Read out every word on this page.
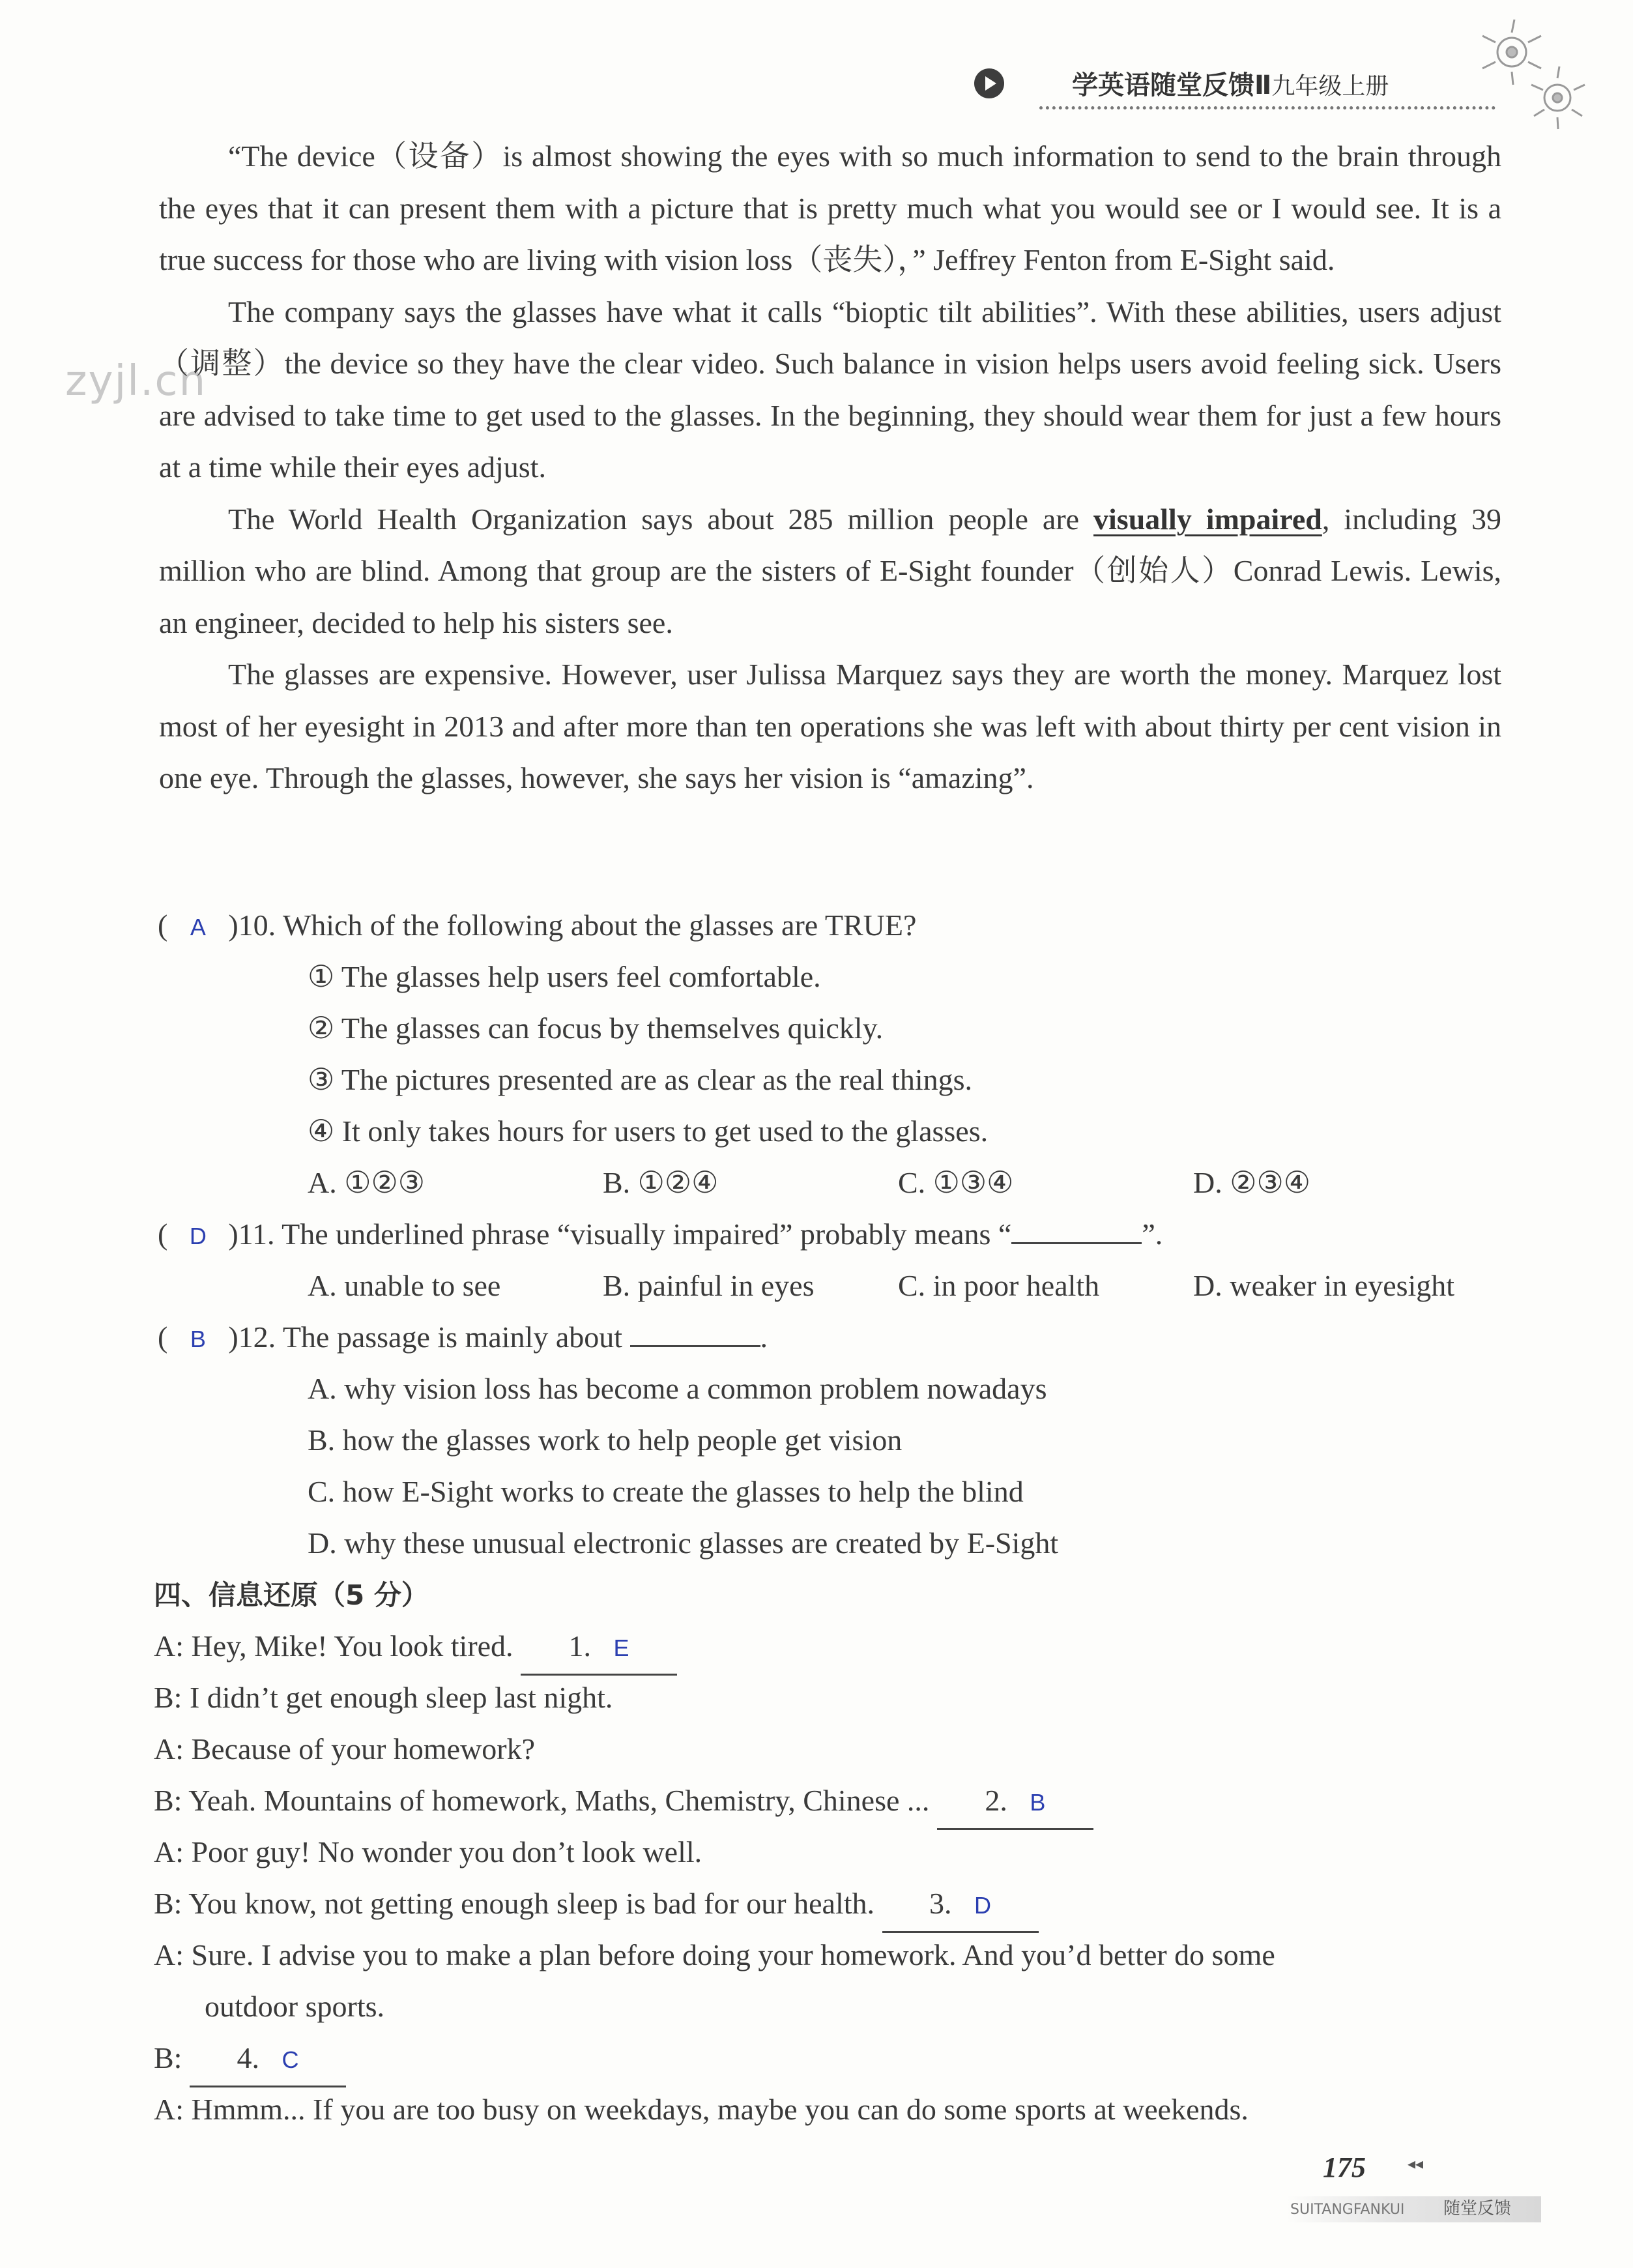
学英语随堂反馈Ⅱ九年级上册
zyjl.cn

“The device（设备）is almost showing the eyes with so much information to send to the brain through the eyes that it can present them with a picture that is pretty much what you would see or I would see. It is a true success for those who are living with vision loss（丧失），” Jeffrey Fenton from E-Sight said.

The company says the glasses have what it calls “bioptic tilt abilities”. With these abilities, users adjust（调整）the device so they have the clear video. Such balance in vision helps users avoid feeling sick. Users are advised to take time to get used to the glasses. In the beginning, they should wear them for just a few hours at a time while their eyes adjust.

The World Health Organization says about 285 million people are visually impaired, including 39 million who are blind. Among that group are the sisters of E-Sight founder（创始人）Conrad Lewis. Lewis, an engineer, decided to help his sisters see.

The glasses are expensive. However, user Julissa Marquez says they are worth the money. Marquez lost most of her eyesight in 2013 and after more than ten operations she was left with about thirty per cent vision in one eye. Through the glasses, however, she says her vision is “amazing”.

( A )10. Which of the following about the glasses are TRUE?
① The glasses help users feel comfortable.
② The glasses can focus by themselves quickly.
③ The pictures presented are as clear as the real things.
④ It only takes hours for users to get used to the glasses.
A. ①②③	B. ①②④	C. ①③④	D. ②③④
( D )11. The underlined phrase “visually impaired” probably means “	”.
A. unable to see	B. painful in eyes	C. in poor health	D. weaker in eyesight
( B )12. The passage is mainly about	.
A. why vision loss has become a common problem nowadays
B. how the glasses work to help people get vision
C. how E-Sight works to create the glasses to help the blind
D. why these unusual electronic glasses are created by E-Sight
四、信息还原（5 分）
A: Hey, Mike! You look tired. 1. E
B: I didn’t get enough sleep last night.
A: Because of your homework?
B: Yeah. Mountains of homework, Maths, Chemistry, Chinese ... 2. B
A: Poor guy! No wonder you don’t look well.
B: You know, not getting enough sleep is bad for our health. 3. D
A: Sure. I advise you to make a plan before doing your homework. And you’d better do some
outdoor sports.
B: 4. C
A: Hmmm... If you are too busy on weekdays, maybe you can do some sports at weekends.
175	◂◂
SUITANGFANKUI 随堂反馈
